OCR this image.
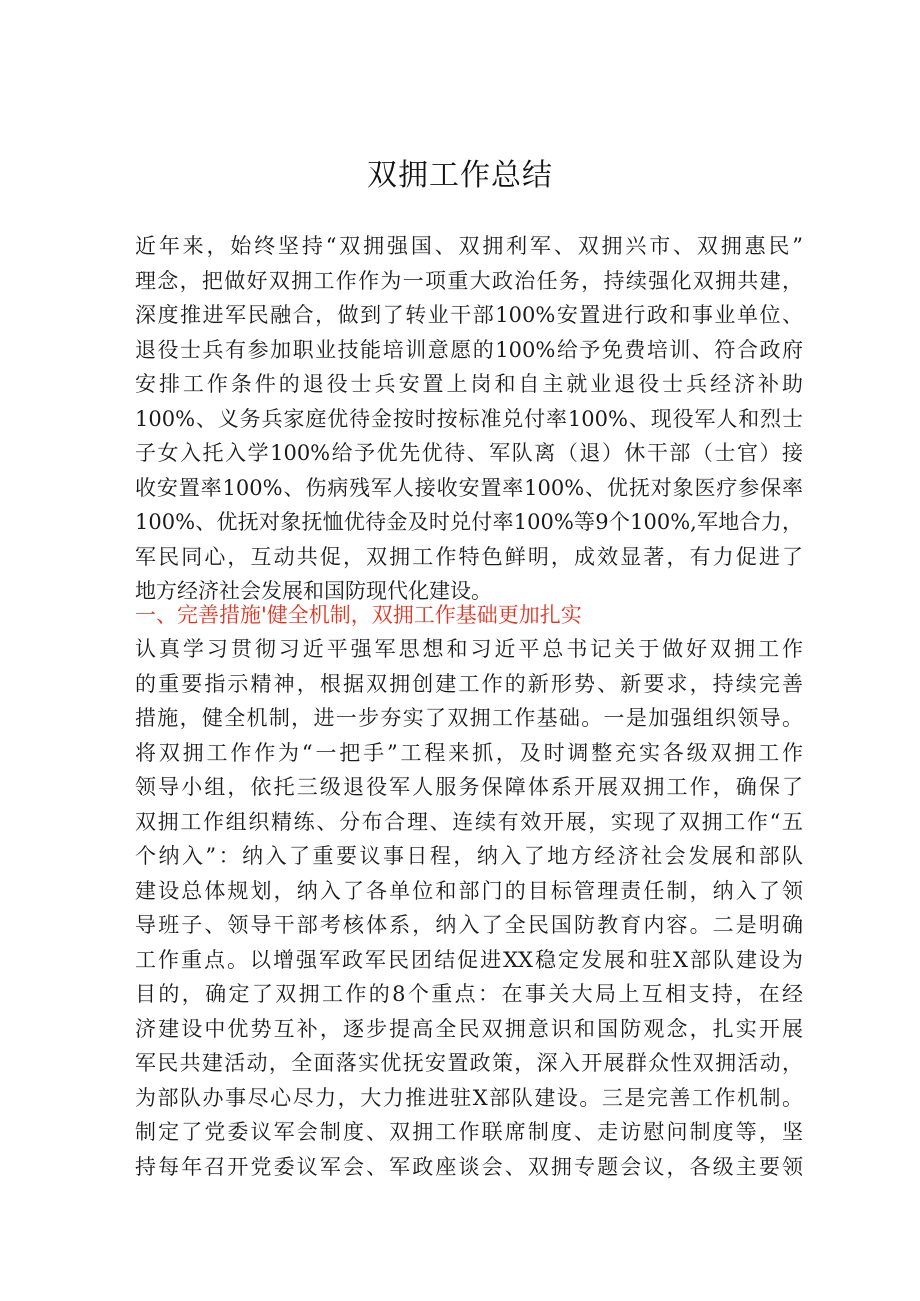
双拥工作总结
近年来，始终坚持“双拥强国、双拥利军、双拥兴市、双拥惠民”
理念，把做好双拥工作作为一项重大政治任务，持续强化双拥共建，
深度推进军民融合，做到了转业干部100%安置进行政和事业单位、
退役士兵有参加职业技能培训意愿的100%给予免费培训、符合政府
安排工作条件的退役士兵安置上岗和自主就业退役士兵经济补助
100%、义务兵家庭优待金按时按标准兑付率100%、现役军人和烈士
子女入托入学100%给予优先优待、军队离（退）休干部（士官）接
收安置率100%、伤病残军人接收安置率100%、优抚对象医疗参保率
100%、优抚对象抚恤优待金及时兑付率100%等9个100%,军地合力，
军民同心，互动共促，双拥工作特色鲜明，成效显著，有力促进了
地方经济社会发展和国防现代化建设。
一、完善措施'健全机制，双拥工作基础更加扎实
认真学习贯彻习近平强军思想和习近平总书记关于做好双拥工作
的重要指示精神，根据双拥创建工作的新形势、新要求，持续完善
措施，健全机制，进一步夯实了双拥工作基础。一是加强组织领导。
将双拥工作作为“一把手”工程来抓，及时调整充实各级双拥工作
领导小组，依托三级退役军人服务保障体系开展双拥工作，确保了
双拥工作组织精练、分布合理、连续有效开展，实现了双拥工作“五
个纳入”：纳入了重要议事日程，纳入了地方经济社会发展和部队
建设总体规划，纳入了各单位和部门的目标管理责任制，纳入了领
导班子、领导干部考核体系，纳入了全民国防教育内容。二是明确
工作重点。以增强军政军民团结促进XX稳定发展和驻X部队建设为
目的，确定了双拥工作的8个重点：在事关大局上互相支持，在经
济建设中优势互补，逐步提高全民双拥意识和国防观念，扎实开展
军民共建活动，全面落实优抚安置政策，深入开展群众性双拥活动，
为部队办事尽心尽力，大力推进驻X部队建设。三是完善工作机制。
制定了党委议军会制度、双拥工作联席制度、走访慰问制度等，坚
持每年召开党委议军会、军政座谈会、双拥专题会议，各级主要领
